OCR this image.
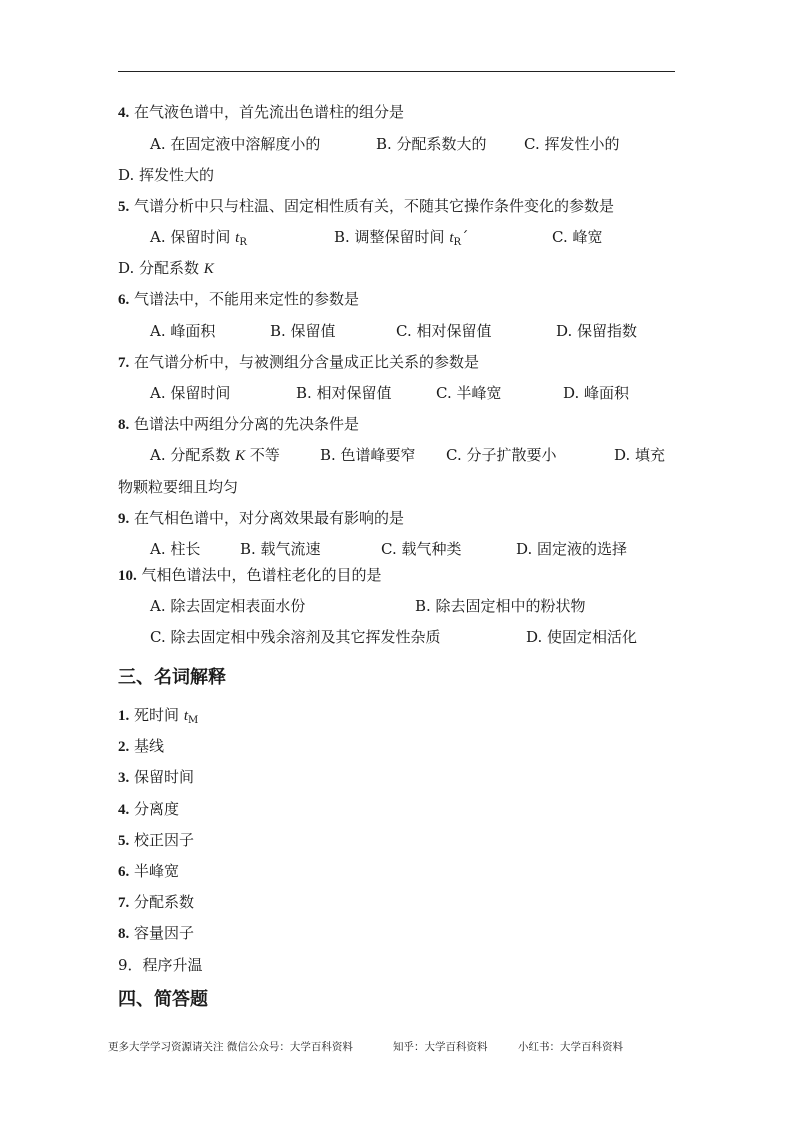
4. 在气液色谱中，首先流出色谱柱的组分是
A. 在固定液中溶解度小的	B. 分配系数大的 C. 挥发性小的
D. 挥发性大的
5. 气谱分析中只与柱温、固定相性质有关，不随其它操作条件变化的参数是
A. 保留时间 $t_R$	B. 调整保留时间 $t_Rˊ$	C. 峰宽
D. 分配系数 K
6. 气谱法中，不能用来定性的参数是
A. 峰面积	B. 保留值	C. 相对保留值	D. 保留指数
7. 在气谱分析中，与被测组分含量成正比关系的参数是
A. 保留时间	B. 相对保留值	C. 半峰宽	D. 峰面积
8. 色谱法中两组分分离的先决条件是
A. 分配系数 K 不等	B. 色谱峰要窄 C. 分子扩散要小	D. 填充
物颗粒要细且均匀
9. 在气相色谱中，对分离效果最有影响的是
A. 柱长	B. 载气流速	C. 载气种类	D. 固定液的选择
10. 气相色谱法中，色谱柱老化的目的是
A. 除去固定相表面水份	B. 除去固定相中的粉状物
C. 除去固定相中残余溶剂及其它挥发性杂质	D. 使固定相活化
三、名词解释
1. 死时间 $t_M$
2. 基线
3. 保留时间
4. 分离度
5. 校正因子
6. 半峰宽
7. 分配系数
8. 容量因子
9．程序升温
四、简答题
更多大学学习资源请关注 微信公众号：大学百科资料	知乎：大学百科资料	小红书：大学百科资料
